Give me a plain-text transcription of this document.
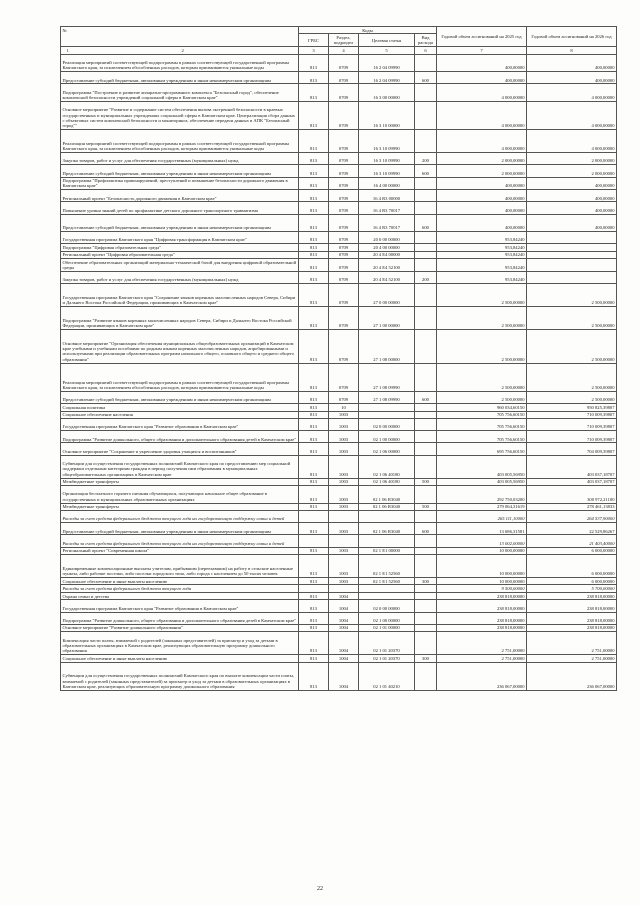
№	Коды				Годовой объем ассигнований на 2025 год	Годовой объем ассигнований на 2026 год
	ГРБС	Раздел, подраздел	Целевая статья	Вид расхода		

1 2	3	4	5	6	7	8
Реализация мероприятий соответствующей подпрограммы в рамках соответствующей государственной программы Камчатского края, за исключением обособленных расходов, которым присваиваются уникальные коды	813	0709	16 2 04 09990		400,00000	400,00000
Предоставление субсидий бюджетным, автономным учреждениям и иным некоммерческим организациям	813	0709	16 2 04 09990	600	400,00000	400,00000
Подпрограмма "Построение и развитие аппаратно-программного комплекса "Безопасный город", обеспечение комплексной безопасности учреждений социальной сферы в Камчатском крае"	813	0709	16 3 00 00000		4 000,00000	4 000,00000
Основное мероприятие "Развитие и содержание систем обеспечения вызова экстренной безопасности в краевых государственных и муниципальных учреждениях социальной сферы в Камчатском крае. Централизация сбора данных с объектовых систем комплексной безопасности и мониторинга, обеспечение передачи данных в АПК "Безопасный город""	813	0709	16 3 10 00000		4 000,00000	4 000,00000
Реализация мероприятий соответствующей подпрограммы в рамках соответствующей государственной программы Камчатского края, за исключением обособленных расходов, которым присваиваются уникальные коды	813	0709	16 3 10 09990		4 000,00000	4 000,00000
Закупка товаров, работ и услуг для обеспечения государственных (муниципальных) нужд	813	0709	16 3 10 09990	200	2 000,00000	2 000,00000
Предоставление субсидий бюджетным, автономным учреждениям и иным некоммерческим организациям	813	0709	16 3 10 09990	600	2 000,00000	2 000,00000
Подпрограмма "Профилактика правонарушений, преступлений и повышение безопасности дорожного движения в Камчатском крае"	813	0709	16 4 00 00000		400,00000	400,00000
Региональный проект "Безопасность дорожного движения в Камчатском крае"	813	0709	16 4 R3 00000		400,00000	400,00000
Повышение уровня знаний детей по профилактике детского дорожного транспортного травматизма	813	0709	16 4 R3 70017		400,00000	400,00000
Предоставление субсидий бюджетным, автономным учреждениям и иным некоммерческим организациям	813	0709	16 4 R3 70017	600	400,00000	400,00000
Государственная программа Камчатского края "Цифровая трансформация в Камчатском крае"	813	0709	20 0 00 00000		953,84240	
Подпрограмма "Цифровая образовательная среда"	813	0709	20 4 00 00000		953,84240	
Региональный проект "Цифровая образовательная среда"	813	0709	20 4 E4 00000		953,84240	
Обеспечение образовательных организаций материально-технической базой для внедрения цифровой образовательной среды	813	0709	20 4 E4 52100		953,84240	
Закупка товаров, работ и услуг для обеспечения государственных (муниципальных) нужд	813	0709	20 4 E4 52100	200	953,84240	
Государственная программа Камчатского края "Сохранение языков коренных малочисленных народов Севера, Сибири и Дальнего Востока Российской Федерации, проживающих в Камчатском крае"	813	0709	27 0 00 00000		2 500,00000	2 500,00000
Подпрограмма "Развитие языков коренных малочисленных народов Севера, Сибири и Дальнего Востока Российской Федерации, проживающих в Камчатском крае"	813	0709	27 1 00 00000		2 500,00000	2 500,00000
Основное мероприятие "Организация обеспечения муниципальных общеобразовательных организаций в Камчатском крае учебными и учебными пособиями по родным языкам коренных малочисленных народов, апробированными и используемыми при реализации образовательных программ начального общего, основного общего и среднего общего образования"	813	0709	27 1 08 00000		2 500,00000	2 500,00000
Реализация мероприятий соответствующей подпрограммы в рамках соответствующей государственной программы Камчатского края, за исключением обособленных расходов, которым присваиваются уникальные коды	813	0709	27 1 08 09990		2 500,00000	2 500,00000
Предоставление субсидий бюджетным, автономным учреждениям и иным некоммерческим организациям	813	0709	27 1 08 09990	600	2 500,00000	2 500,00000
Социальная политика	813	10			960 034,60150	950 825,39807
Социальное обеспечение населения	813	1003			705 756,60150	710 009,39807
Государственная программа Камчатского края "Развитие образования в Камчатском крае"	813	1003	02 0 00 00000		705 756,60150	710 009,39807
Подпрограмма "Развитие дошкольного, общего образования и дополнительного образования детей в Камчатском крае"	813	1003	02 1 00 00000		705 756,60150	710 009,39807
Основное мероприятие "Сохранение и укрепление здоровья учащихся и воспитанников"	813	1003	02 1 06 00000		695 756,60150	704 009,39807
Субвенции для осуществления государственных полномочий Камчатского края по предоставлению мер социальной поддержки отдельным категориям граждан в период получения ими образования в муниципальных общеобразовательных организациях в Камчатском крае	813	1003	02 1 06 40180		403 005,56950	403 037,18707
Межбюджетные трансферты	813	1003	02 1 06 40180	500	403 005,56950	403 037,18707
Организация бесплатного горячего питания обучающихся, получающих начальное общее образование в государственных и муниципальных образовательных организациях	813	1003	02 1 06 R3040		292 750,03200	300 972,21100
Межбюджетные трансферты	813	1003	02 1 06 R3040	500	279 064,31619	278 461,13833
Расходы за счет средств федерального бюджета текущего года на государственную поддержку семьи и детей					265 111,10000	264 537,90000
Предоставление субсидий бюджетным, автономным учреждениям и иным некоммерческим организациям	813	1003	02 1 06 R3040	600	13 686,31581	22 529,86267
Расходы за счет средств федерального бюджета текущего года на государственную поддержку семьи и детей					13 002,00000	21 403,40000
Региональный проект "Современная школа"	813	1003	02 1 E1 00000		10 000,00000	6 000,00000
Единовременные компенсационные выплаты учителям, прибывшим (переехавшим) на работу в сельские населенные пункты, либо рабочие поселки, либо поселки городского типа, либо города с населением до 50 тысяч человек	813	1003	02 1 E1 52560		10 000,00000	6 000,00000
Социальное обеспечение и иные выплаты населению	813	1003	02 1 E1 52560	300	10 000,00000	6 000,00000
Расходы за счет средств федерального бюджета текущего года					9 500,00000	5 700,00000
Охрана семьи и детства	813	1004			238 818,00000	238 818,00000
Государственная программа Камчатского края "Развитие образования в Камчатском крае"	813	1004	02 0 00 00000		238 818,00000	238 818,00000
Подпрограмма "Развитие дошкольного, общего образования и дополнительного образования детей в Камчатском крае"	813	1004	02 1 00 00000		238 818,00000	238 818,00000
Основное мероприятие "Развитие дошкольного образования"	813	1004	02 1 01 00000		238 818,00000	238 818,00000
Компенсация части платы, взимаемой с родителей (законных представителей) за присмотр и уход за детьми в образовательных организациях в Камчатском крае, реализующих образовательную программу дошкольного образования	813	1004	02 1 01 20370		2 751,00000	2 751,00000
Социальное обеспечение и иные выплаты населению	813	1004	02 1 01 20370	300	2 751,00000	2 751,00000
Субвенции для осуществления государственных полномочий Камчатского края по выплате компенсации части платы, взимаемой с родителей (законных представителей) за присмотр и уход за детьми в образовательных организациях в Камчатском крае, реализующих образовательную программу дошкольного образования	813	1004	02 1 01 40210		236 067,00000	236 067,00000
22
